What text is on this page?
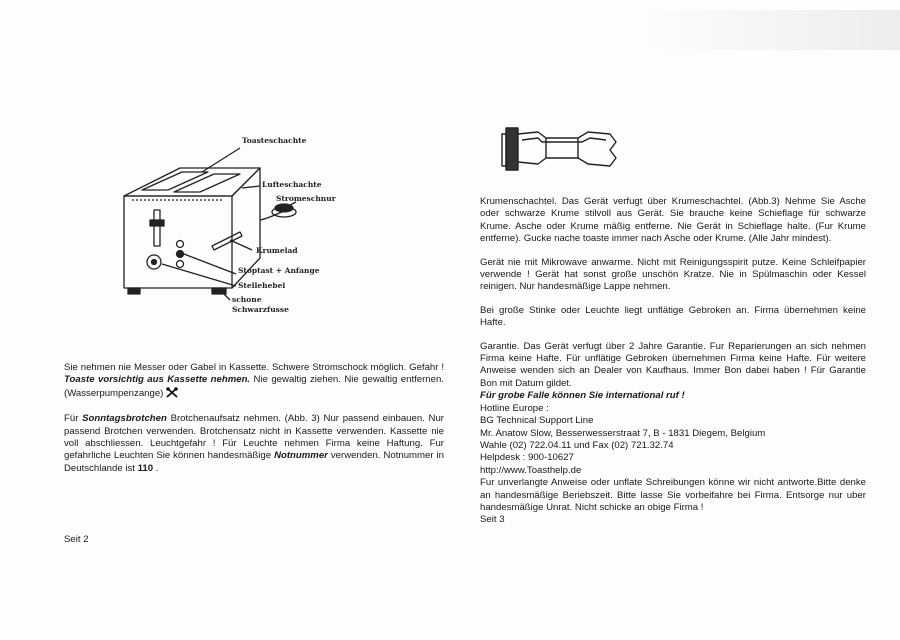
Toasteschachte
Lufteschachte
Stromeschnur
Krumelad
Stoptast + Anfange
Stellehebel
schone
Schwarzfusse

Sie nehmen nie Messer oder Gabel in Kassette. Schwere Stromschock möglich. Gefahr ! Toaste vorsichtig aus Kassette nehmen. Nie gewaltig ziehen. Nie gewaltig entfernen. (Wasserpumpenzange)

Für Sonntagsbrotchen Brotchenaufsatz nehmen. (Abb. 3) Nur passend einbauen. Nur passend Brotchen verwenden. Brotchensatz nicht in Kassette verwenden. Kassette nie voll abschliessen. Leuchtgefahr ! Für Leuchte nehmen Firma keine Haftung. Fur gefahrliche Leuchten Sie können handesmäßige Notnummer verwenden. Notnummer in Deutschlande ist 110 .

Seit 2

Krumenschachtel. Das Gerät verfugt über Krumeschachtel. (Abb.3) Nehme Sie Asche oder schwarze Krume stilvoll aus Gerät. Sie brauche keine Schieflage für schwarze Krume. Asche oder Krume mäßig entferne. Nie Gerät in Schieflage halte. (Fur Krume entferne). Gucke nache toaste immer nach Asche oder Krume. (Alle Jahr mindest).

Gerät nie mit Mikrowave anwarme. Nicht mit Reinigungsspirit putze. Keine Schleifpapier verwende ! Gerät hat sonst große unschön Kratze. Nie in Spülmaschin oder Kessel reinigen. Nur handesmäßige Lappe nehmen.

Bei große Stinke oder Leuchte liegt unflätige Gebroken an. Firma übernehmen keine Hafte.

Garantie. Das Gerät verfugt über 2 Jahre Garantie. Fur Reparierungen an sich nehmen Firma keine Hafte. Für unflätige Gebroken übernehmen Firma keine Hafte. Für weitere Anweise wenden sich an Dealer von Kaufhaus. Immer Bon dabei haben ! Für Garantie Bon mit Datum gildet.

Für grobe Falle können Sie international ruf !

Hotline Europe :

BG Technical Support Line

Mr. Anatow Slow, Besserwesserstraat 7, B - 1831 Diegem, Belgium

Wahle (02) 722.04.11 und Fax (02) 721.32.74

Helpdesk : 900-10627

http://www.Toasthelp.de

Fur unverlangte Anweise oder unflate Schreibungen könne wir nicht antworte.Bitte denke an handesmäßige Beriebszeit. Bitte lasse Sie vorbeifahre bei Firma. Entsorge nur uber handesmäßige Unrat. Nicht schicke an obige Firma !

Seit 3
